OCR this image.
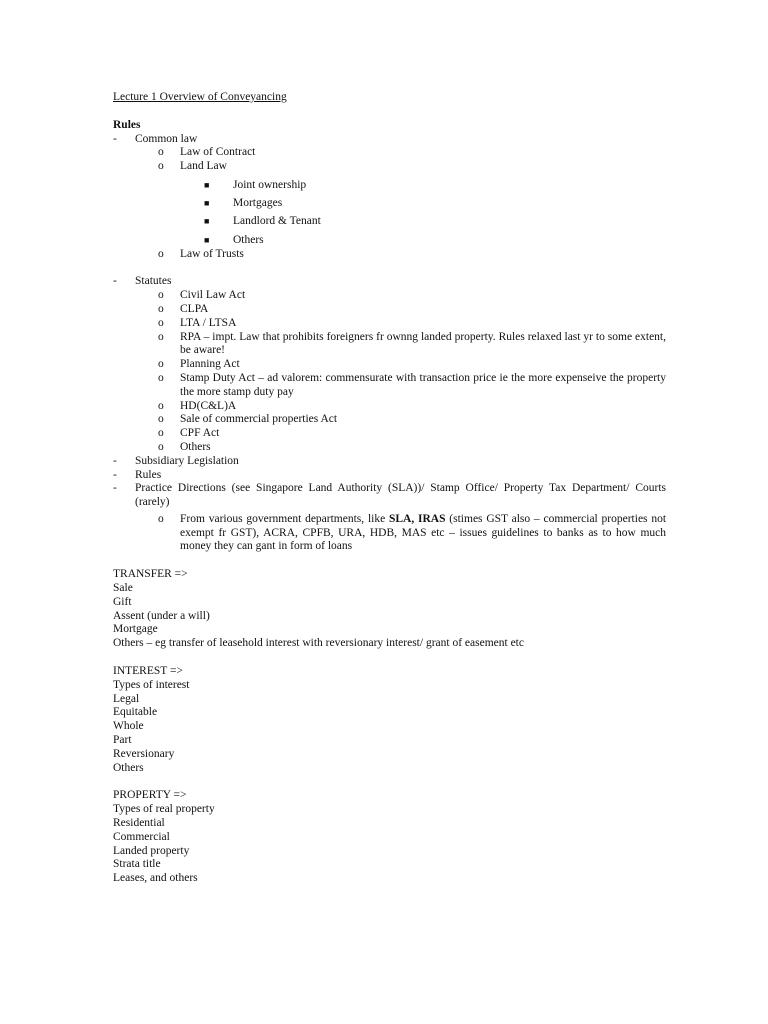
Lecture 1 Overview of Conveyancing
Rules
- Common law
o Law of Contract
o Land Law
■ Joint ownership
■ Mortgages
■ Landlord & Tenant
■ Others
o Law of Trusts
- Statutes
o Civil Law Act
o CLPA
o LTA / LTSA
o RPA – impt. Law that prohibits foreigners fr ownng landed property. Rules relaxed last yr to some extent, be aware!
o Planning Act
o Stamp Duty Act – ad valorem: commensurate with transaction price ie the more expenseive the property the more stamp duty pay
o HD(C&L)A
o Sale of commercial properties Act
o CPF Act
o Others
- Subsidiary Legislation
- Rules
- Practice Directions (see Singapore Land Authority (SLA))/ Stamp Office/ Property Tax Department/ Courts (rarely)
o From various government departments, like SLA, IRAS (stimes GST also – commercial properties not exempt fr GST), ACRA, CPFB, URA, HDB, MAS etc – issues guidelines to banks as to how much money they can gant in form of loans
TRANSFER =>
Sale
Gift
Assent (under a will)
Mortgage
Others – eg transfer of leasehold interest with reversionary interest/ grant of easement etc
INTEREST =>
Types of interest
Legal
Equitable
Whole
Part
Reversionary
Others
PROPERTY =>
Types of real property
Residential
Commercial
Landed property
Strata title
Leases, and others
